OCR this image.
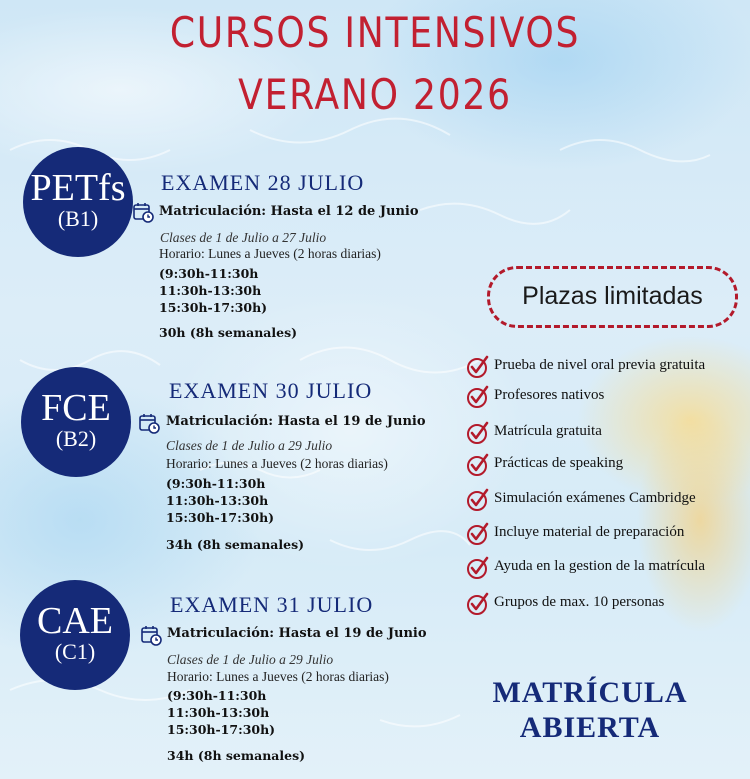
CURSOS INTENSIVOS
VERANO 2026
PETfs
(B1)
EXAMEN 28 JULIO
Matriculación: Hasta el 12 de Junio
Clases de 1 de Julio a 27 Julio
Horario: Lunes a Jueves (2 horas diarias)
(9:30h-11:30h
11:30h-13:30h
15:30h-17:30h)
30h (8h semanales)
FCE
(B2)
EXAMEN 30 JULIO
Matriculación: Hasta el 19 de Junio
Clases de 1 de Julio a 29 Julio
Horario: Lunes a Jueves (2 horas diarias)
(9:30h-11:30h
11:30h-13:30h
15:30h-17:30h)
34h (8h semanales)
CAE
(C1)
EXAMEN 31 JULIO
Matriculación: Hasta el 19 de Junio
Clases de 1 de Julio a 29 Julio
Horario: Lunes a Jueves (2 horas diarias)
(9:30h-11:30h
11:30h-13:30h
15:30h-17:30h)
34h (8h semanales)
Plazas limitadas
Prueba de nivel oral previa gratuita
Profesores nativos
Matrícula gratuita
Prácticas de speaking
Simulación exámenes Cambridge
Incluye material de preparación
Ayuda en la gestion de la matrícula
Grupos de max. 10 personas
MATRÍCULA
ABIERTA
